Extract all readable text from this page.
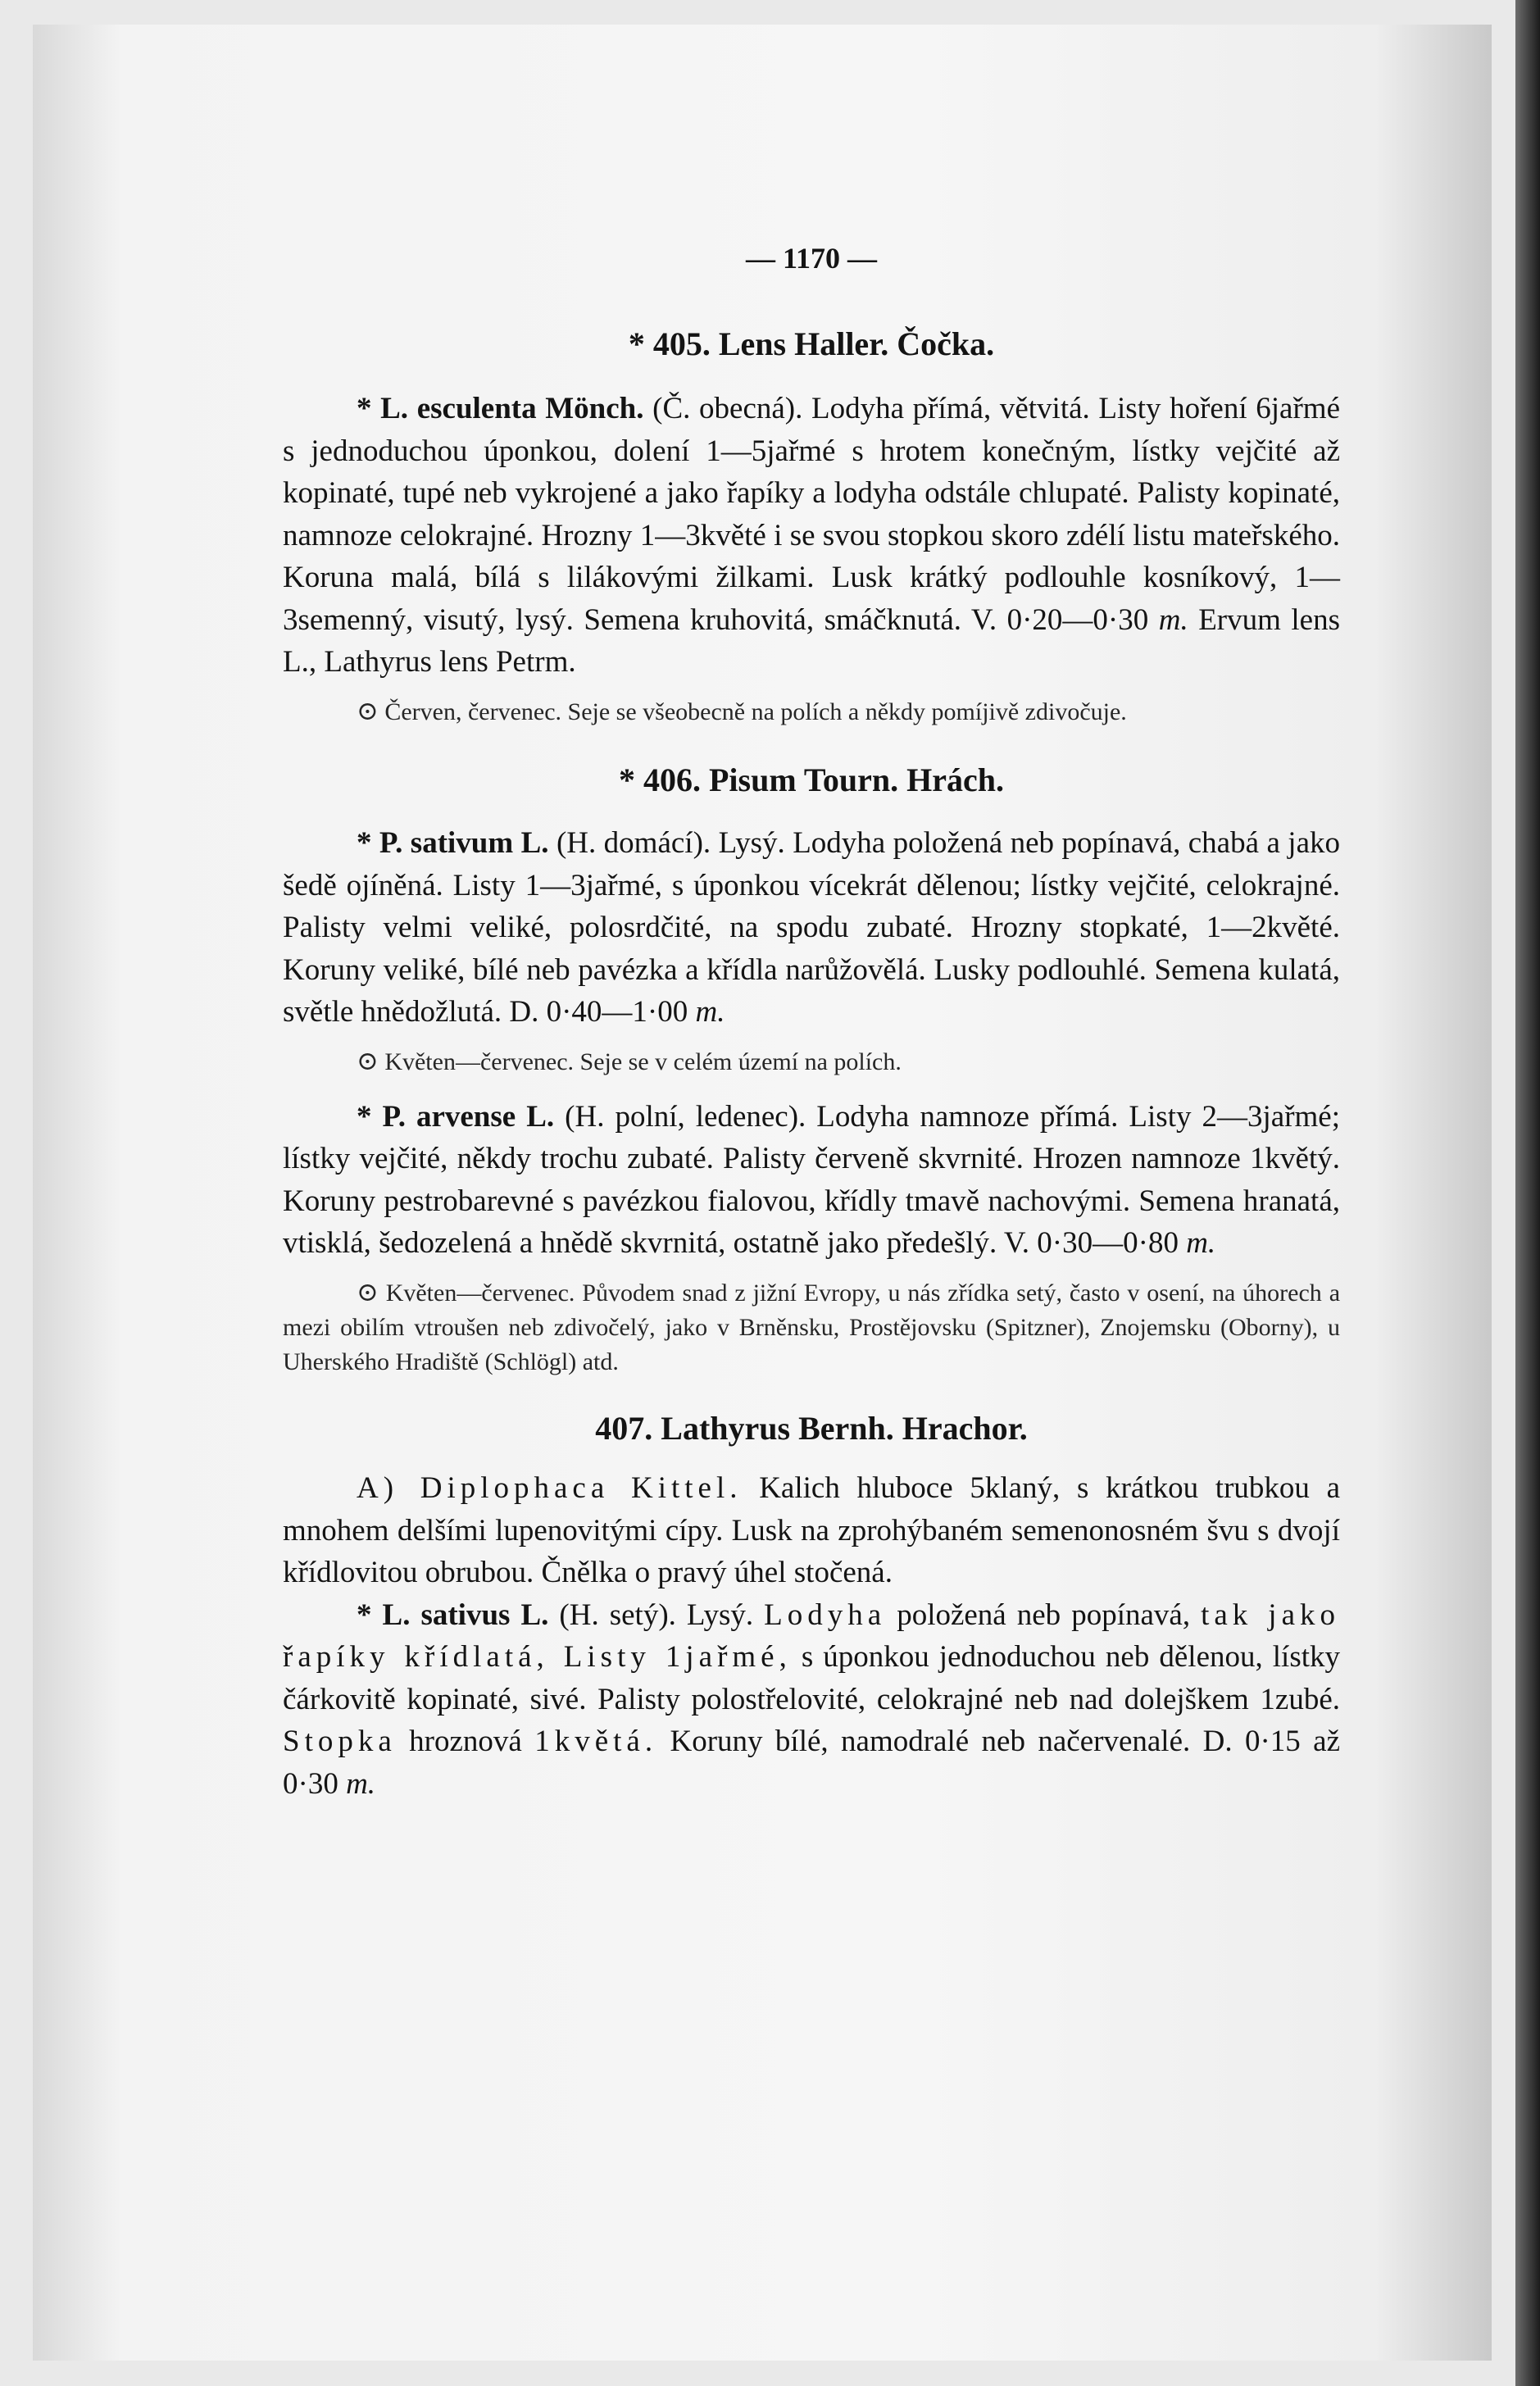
— 1170 —
* 405. Lens Haller. Čočka.

* L. esculenta Mönch. (Č. obecná). Lodyha přímá, větvitá. Listy hoření 6jařmé s jednoduchou úponkou, dolení 1—5jařmé s hrotem konečným, lístky vejčité až kopinaté, tupé neb vykrojené a jako řapíky a lodyha odstále chlupaté. Palisty kopinaté, namnoze celokrajné. Hrozny 1—3květé i se svou stopkou skoro zdélí listu mateřského. Koruna malá, bílá s lilákovými žilkami. Lusk krátký podlouhle kosníkový, 1—3semenný, visutý, lysý. Semena kruhovitá, smáčknutá. V. 0·20—0·30 m. Ervum lens L., Lathyrus lens Petrm.

⊙ Červen, červenec. Seje se všeobecně na polích a někdy pomíjivě zdivočuje.
* 406. Pisum Tourn. Hrách.

* P. sativum L. (H. domácí). Lysý. Lodyha položená neb popínavá, chabá a jako šedě ojíněná. Listy 1—3jařmé, s úponkou vícekrát dělenou; lístky vejčité, celokrajné. Palisty velmi veliké, polosrdčité, na spodu zubaté. Hrozny stopkaté, 1—2květé. Koruny veliké, bílé neb pavézka a křídla narůžovělá. Lusky podlouhlé. Semena kulatá, světle hnědožlutá. D. 0·40—1·00 m.

⊙ Květen—červenec. Seje se v celém území na polích.

* P. arvense L. (H. polní, ledenec). Lodyha namnoze přímá. Listy 2—3jařmé; lístky vejčité, někdy trochu zubaté. Palisty červeně skvrnité. Hrozen namnoze 1květý. Koruny pestrobarevné s pavézkou fialovou, křídly tmavě nachovými. Semena hranatá, vtisklá, šedozelená a hnědě skvrnitá, ostatně jako předešlý. V. 0·30—0·80 m.

⊙ Květen—červenec. Původem snad z jižní Evropy, u nás zřídka setý, často v osení, na úhorech a mezi obilím vtroušen neb zdivočelý, jako v Brněnsku, Prostějovsku (Spitzner), Znojemsku (Oborny), u Uherského Hradiště (Schlögl) atd.
407. Lathyrus Bernh. Hrachor.

A) Diplophaca Kittel. Kalich hluboce 5klaný, s krátkou trubkou a mnohem delšími lupenovitými cípy. Lusk na zprohýbaném semenonosném švu s dvojí křídlovitou obrubou. Čnělka o pravý úhel stočená.

* L. sativus L. (H. setý). Lysý. Lodyha položená neb popínavá, tak jako řapíky křídlatá, Listy 1jařmé, s úponkou jednoduchou neb dělenou, lístky čárkovitě kopinaté, sivé. Palisty polostřelovité, celokrajné neb nad dolejškem 1zubé. Stopka hroznová 1květá. Koruny bílé, namodralé neb načervenalé. D. 0·15 až 0·30 m.
